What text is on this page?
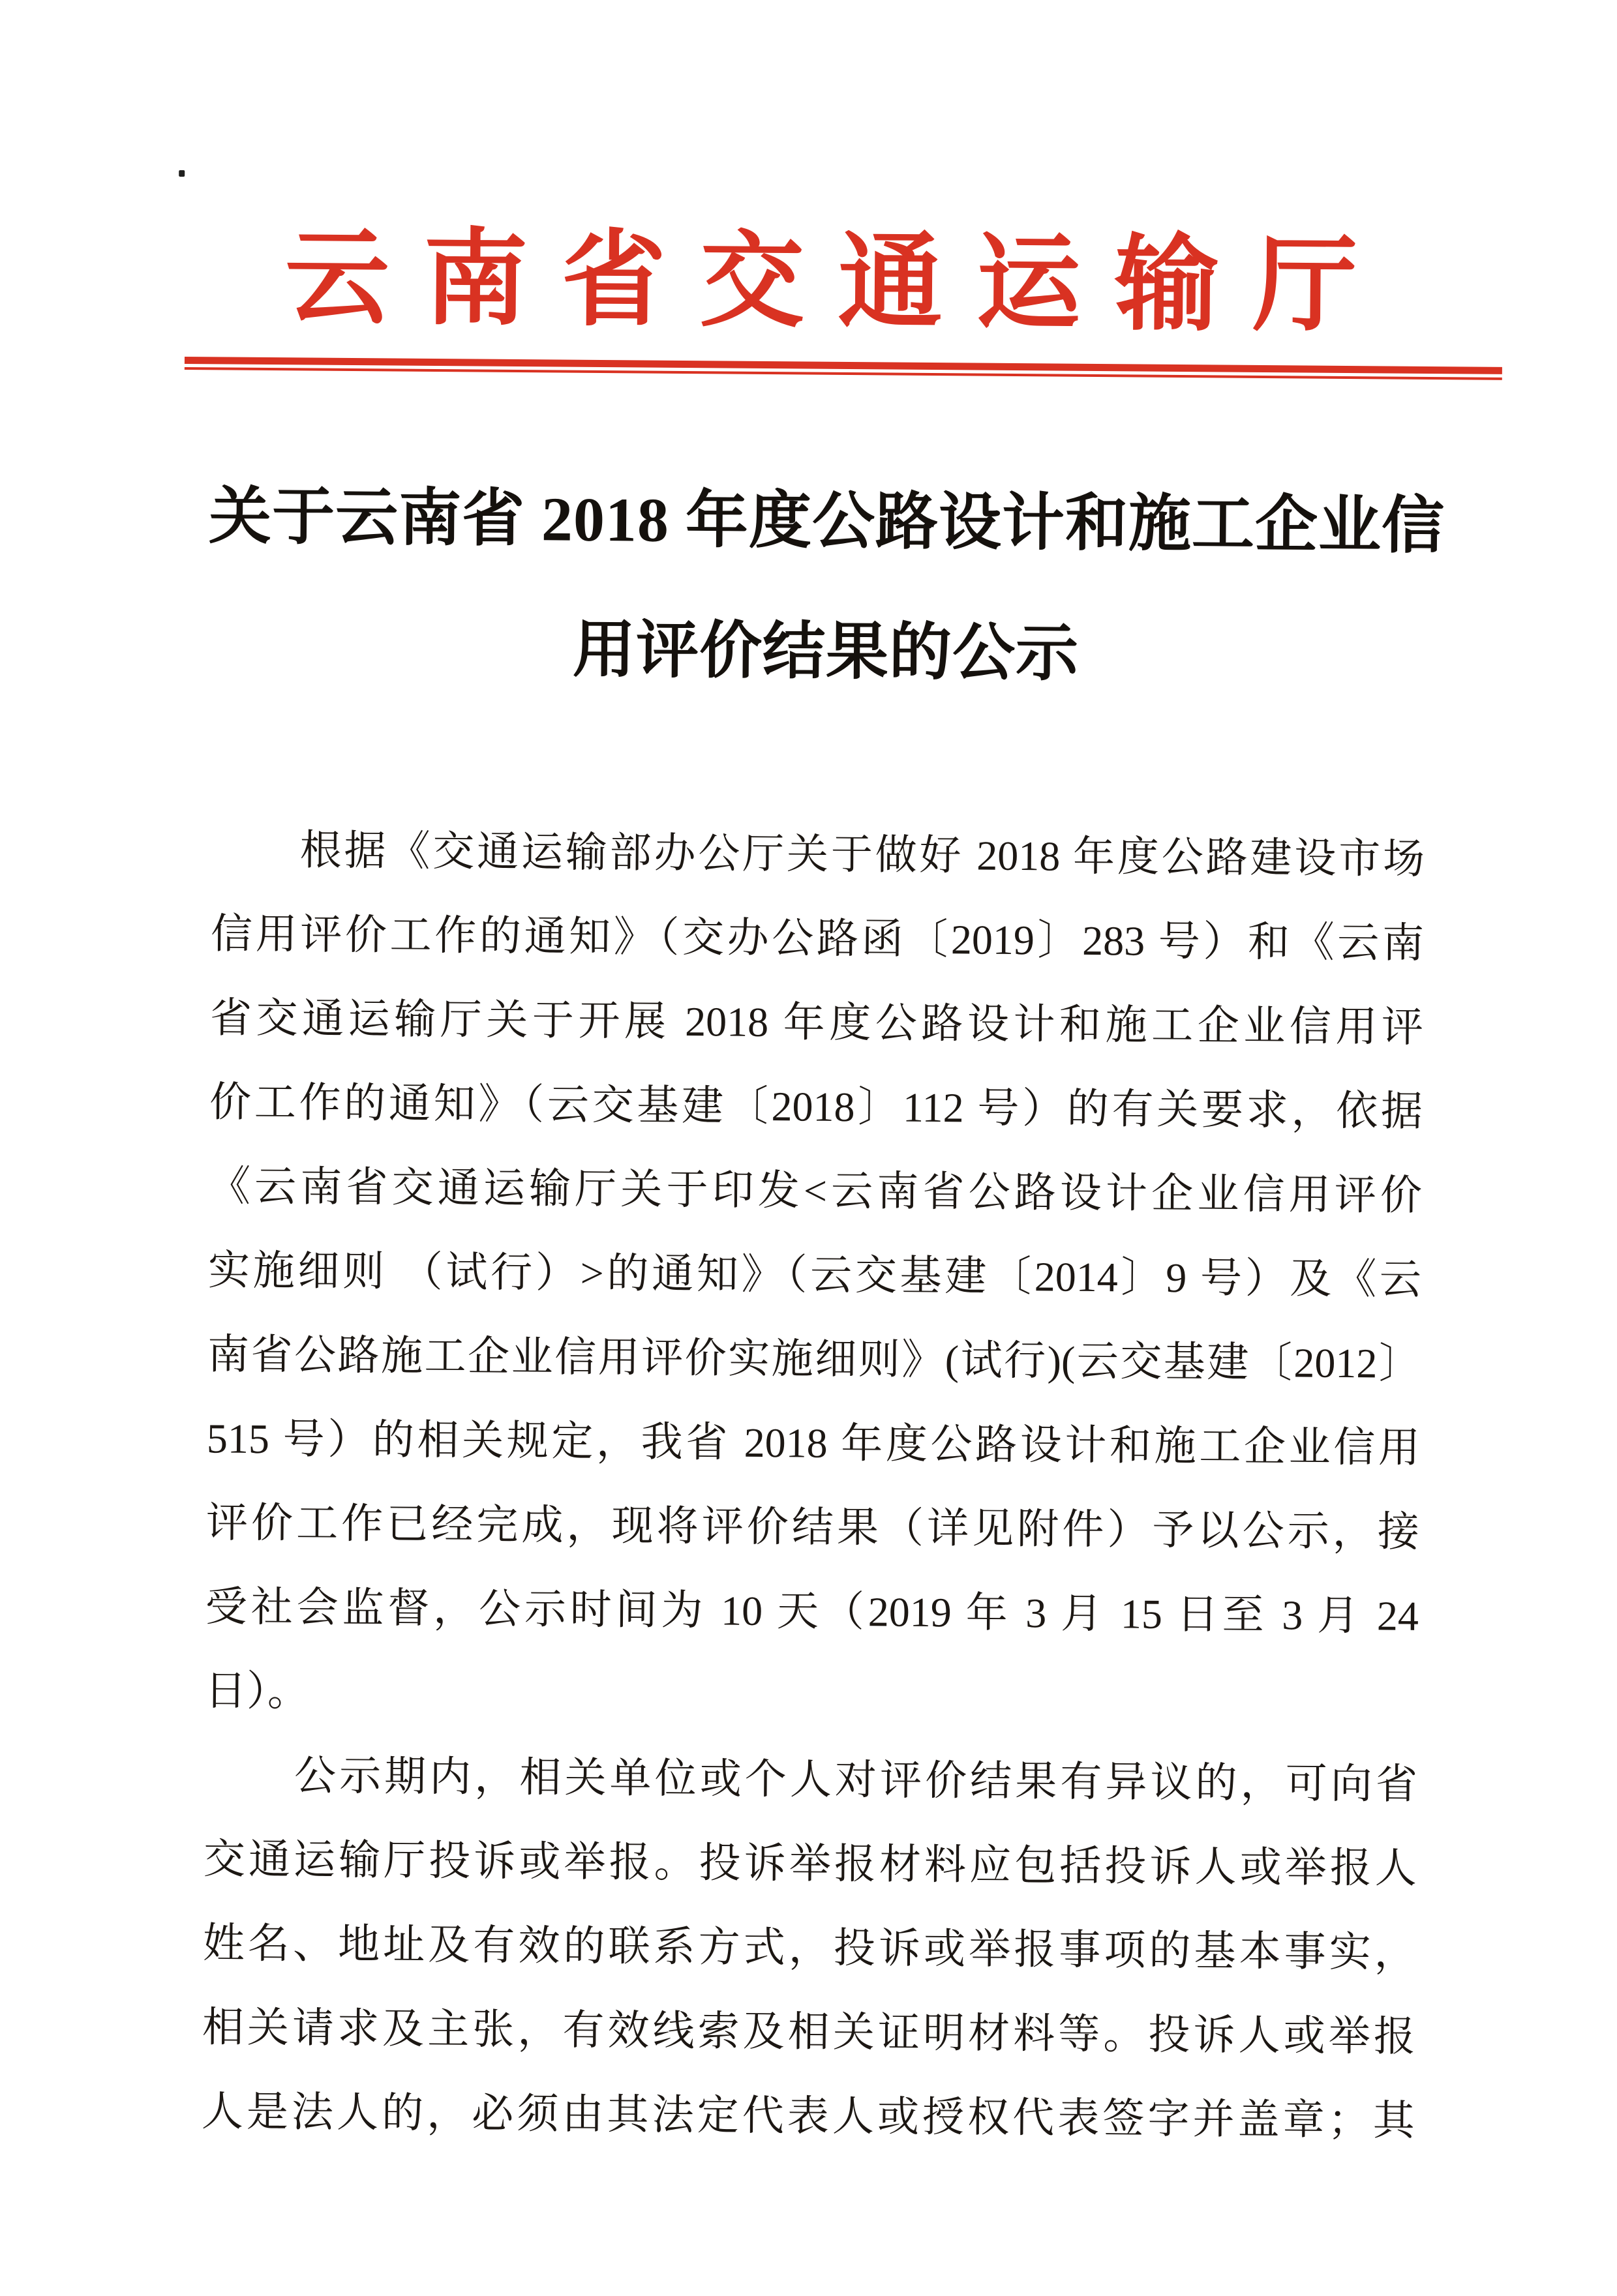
云南省交通运输厅
关于云南省 2018 年度公路设计和施工企业信
用评价结果的公示
　　根据《交通运输部办公厅关于做好 2018 年度公路建设市场
信用评价工作的通知》（交办公路函〔2019〕283 号）和《云南
省交通运输厅关于开展 2018 年度公路设计和施工企业信用评
价工作的通知》（云交基建〔2018〕112 号）的有关要求，依据
《云南省交通运输厅关于印发<云南省公路设计企业信用评价
实施细则 （试行）>的通知》（云交基建〔2014〕9 号）及《云
南省公路施工企业信用评价实施细则》(试行)(云交基建〔2012〕
515 号）的相关规定，我省 2018 年度公路设计和施工企业信用
评价工作已经完成，现将评价结果（详见附件）予以公示，接
受社会监督，公示时间为 10 天（2019 年 3 月 15 日至 3 月 24
日）。
　　公示期内，相关单位或个人对评价结果有异议的，可向省
交通运输厅投诉或举报。投诉举报材料应包括投诉人或举报人
姓名、地址及有效的联系方式，投诉或举报事项的基本事实，
相关请求及主张，有效线索及相关证明材料等。投诉人或举报
人是法人的，必须由其法定代表人或授权代表签字并盖章；其
